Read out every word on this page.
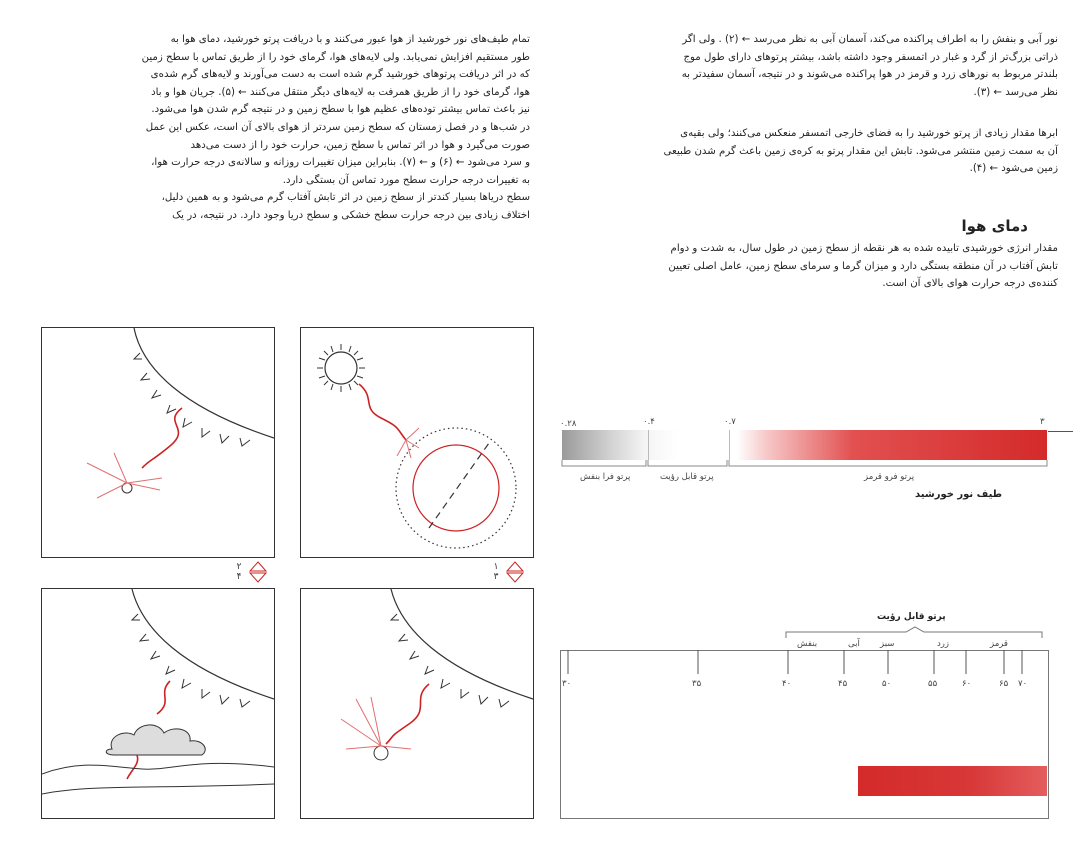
تمام طیف‌های نور خورشید از هوا عبور می‌کنند و با دریافت پرتو خورشید، دمای هوا به
طور مستقیم افزایش نمی‌یابد. ولی لایه‌های هوا، گرمای خود را از طریق تماس با سطح زمین
که در اثر دریافت پرتوهای خورشید گرم شده است به دست می‌آورند و لایه‌های گرم شده‌ی
هوا، گرمای خود را از طریق همرفت به لایه‌های دیگر منتقل می‌کنند ← (۵). جریان هوا و باد
نیز باعث تماس بیشتر توده‌های عظیم هوا با سطح زمین و در نتیجه گرم شدن هوا می‌شود.
در شب‌ها و در فصل زمستان که سطح زمین سردتر از هوای بالای آن است، عکس این عمل
صورت می‌گیرد و هوا در اثر تماس با سطح زمین، حرارت خود را از دست می‌دهد
و سرد می‌شود ← (۶) و ← (۷). بنابراین میزان تغییرات روزانه و سالانه‌ی درجه حرارت هوا،
به تغییرات درجه حرارت سطح مورد تماس آن بستگی دارد.
سطح دریاها بسیار کندتر از سطح زمین در اثر تابش آفتاب گرم می‌شود و به همین دلیل،
اختلاف زیادی بین درجه حرارت سطح خشکی و سطح دریا وجود دارد. در نتیجه، در یک
نور آبی و بنفش را به اطراف پراکنده می‌کند، آسمان آبی به نظر می‌رسد ← (۲) . ولی اگر
ذراتی بزرگ‌تر از گرد و غبار در اتمسفر وجود داشته باشد، بیشتر پرتوهای دارای طول موج
بلندتر مربوط به نورهای زرد و قرمز در هوا پراکنده می‌شوند و در نتیجه، آسمان سفیدتر به
نظر می‌رسد ← (۳).
ابرها مقدار زیادی از پرتو خورشید را به فضای خارجی اتمسفر منعکس می‌کنند؛ ولی بقیه‌ی
آن به سمت زمین منتشر می‌شود. تابش این مقدار پرتو به کره‌ی زمین باعث گرم شدن طبیعی
زمین می‌شود ← (۴).
دمای هوا
مقدار انرژی خورشیدی تابیده شده به هر نقطه از سطح زمین در طول سال، به شدت و دوام
تابش آفتاب در آن منطقه بستگی دارد و میزان گرما و سرمای سطح زمین، عامل اصلی تعیین
کننده‌ی درجه حرارت هوای بالای آن است.
۱
۳
۲
۴
۰.۲۸	۰.۴	۰.۷	۳
پرتو فرا بنفش	پرتو قابل رؤیت	پرتو فرو قرمز
طیف نور خورشید
پرتو قابل رؤیت
قرمز
زرد
سبز
آبی
بنفش
۳۰	۳۵	۴۰	۴۵	۵۰	۵۵	۶۰	۶۵ ۷۰
